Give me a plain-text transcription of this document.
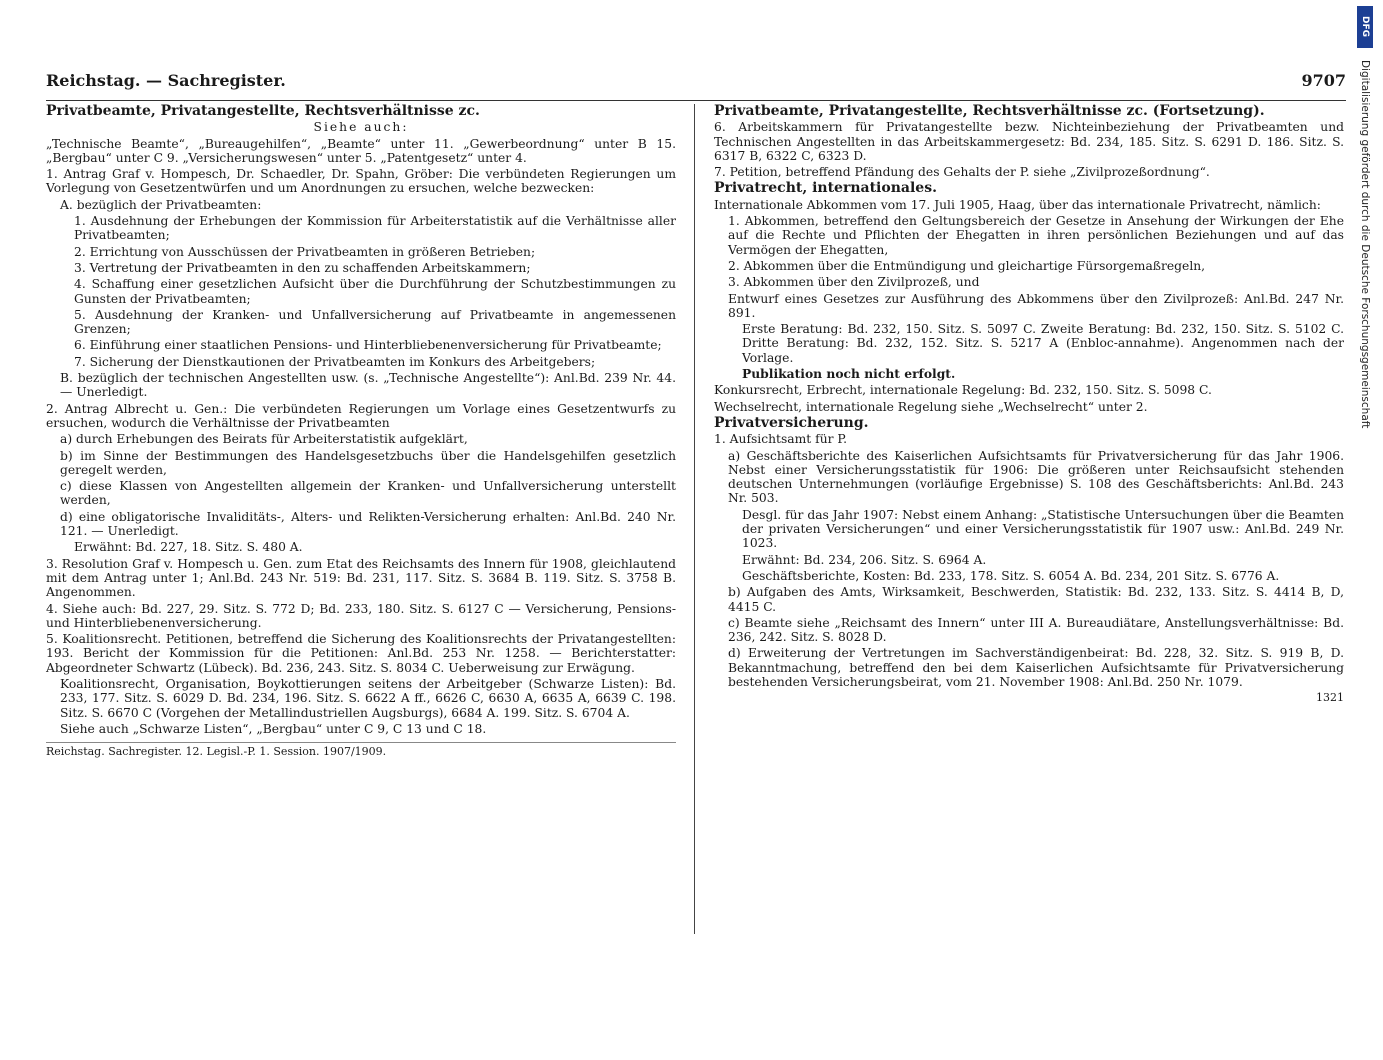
Reichstag. — Sachregister.	9707
Privatbeamte, Privatangestellte, Rechtsverhältnisse zc.
Siehe auch:

„Technische Beamte“, „Bureaugehilfen“, „Beamte“ unter 11. „Gewerbeordnung“ unter B 15. „Bergbau“ unter C 9. „Versicherungswesen“ unter 5. „Patentgesetz“ unter 4.

1. Antrag Graf v. Hompesch, Dr. Schaedler, Dr. Spahn, Gröber: Die verbündeten Regierungen um Vorlegung von Gesetzentwürfen und um Anordnungen zu ersuchen, welche bezwecken:

A. bezüglich der Privatbeamten:

1. Ausdehnung der Erhebungen der Kommission für Arbeiterstatistik auf die Verhältnisse aller Privatbeamten;

2. Errichtung von Ausschüssen der Privatbeamten in größeren Betrieben;

3. Vertretung der Privatbeamten in den zu schaffenden Arbeitskammern;

4. Schaffung einer gesetzlichen Aufsicht über die Durchführung der Schutzbestimmungen zu Gunsten der Privatbeamten;

5. Ausdehnung der Kranken- und Unfallversicherung auf Privatbeamte in angemessenen Grenzen;

6. Einführung einer staatlichen Pensions- und Hinterbliebenenversicherung für Privatbeamte;

7. Sicherung der Dienstkautionen der Privatbeamten im Konkurs des Arbeitgebers;

B. bezüglich der technischen Angestellten usw. (s. „Technische Angestellte“): Anl.Bd. 239 Nr. 44. — Unerledigt.

2. Antrag Albrecht u. Gen.: Die verbündeten Regierungen um Vorlage eines Gesetzentwurfs zu ersuchen, wodurch die Verhältnisse der Privatbeamten

a) durch Erhebungen des Beirats für Arbeiterstatistik aufgeklärt,

b) im Sinne der Bestimmungen des Handelsgesetzbuchs über die Handelsgehilfen gesetzlich geregelt werden,

c) diese Klassen von Angestellten allgemein der Kranken- und Unfallversicherung unterstellt werden,

d) eine obligatorische Invaliditäts-, Alters- und Relikten-Versicherung erhalten: Anl.Bd. 240 Nr. 121. — Unerledigt.

Erwähnt: Bd. 227, 18. Sitz. S. 480 A.

3. Resolution Graf v. Hompesch u. Gen. zum Etat des Reichsamts des Innern für 1908, gleichlautend mit dem Antrag unter 1; Anl.Bd. 243 Nr. 519: Bd. 231, 117. Sitz. S. 3684 B. 119. Sitz. S. 3758 B. Angenommen.

4. Siehe auch: Bd. 227, 29. Sitz. S. 772 D; Bd. 233, 180. Sitz. S. 6127 C — Versicherung, Pensions- und Hinterbliebenenversicherung.

5. Koalitionsrecht. Petitionen, betreffend die Sicherung des Koalitionsrechts der Privatangestellten: 193. Bericht der Kommission für die Petitionen: Anl.Bd. 253 Nr. 1258. — Berichterstatter: Abgeordneter Schwartz (Lübeck). Bd. 236, 243. Sitz. S. 8034 C. Ueberweisung zur Erwägung.

Koalitionsrecht, Organisation, Boykottierungen seitens der Arbeitgeber (Schwarze Listen): Bd. 233, 177. Sitz. S. 6029 D. Bd. 234, 196. Sitz. S. 6622 A ff., 6626 C, 6630 A, 6635 A, 6639 C. 198. Sitz. S. 6670 C (Vorgehen der Metallindustriellen Augsburgs), 6684 A. 199. Sitz. S. 6704 A.

Siehe auch „Schwarze Listen“, „Bergbau“ unter C 9, C 13 und C 18.

Reichstag. Sachregister. 12. Legisl.-P. 1. Session. 1907/1909.
Privatbeamte, Privatangestellte, Rechtsverhältnisse zc. (Fortsetzung).

6. Arbeitskammern für Privatangestellte bezw. Nichteinbeziehung der Privatbeamten und Technischen Angestellten in das Arbeitskammergesetz: Bd. 234, 185. Sitz. S. 6291 D. 186. Sitz. S. 6317 B, 6322 C, 6323 D.

7. Petition, betreffend Pfändung des Gehalts der P. siehe „Zivilprozeßordnung“.

Privatrecht, internationales.

Internationale Abkommen vom 17. Juli 1905, Haag, über das internationale Privatrecht, nämlich:

1. Abkommen, betreffend den Geltungsbereich der Gesetze in Ansehung der Wirkungen der Ehe auf die Rechte und Pflichten der Ehegatten in ihren persönlichen Beziehungen und auf das Vermögen der Ehegatten,

2. Abkommen über die Entmündigung und gleichartige Fürsorgemaßregeln,

3. Abkommen über den Zivilprozeß, und

Entwurf eines Gesetzes zur Ausführung des Abkommens über den Zivilprozeß: Anl.Bd. 247 Nr. 891.

Erste Beratung: Bd. 232, 150. Sitz. S. 5097 C. Zweite Beratung: Bd. 232, 150. Sitz. S. 5102 C. Dritte Beratung: Bd. 232, 152. Sitz. S. 5217 A (Enbloc-annahme). Angenommen nach der Vorlage.

Publikation noch nicht erfolgt.

Konkursrecht, Erbrecht, internationale Regelung: Bd. 232, 150. Sitz. S. 5098 C.

Wechselrecht, internationale Regelung siehe „Wechselrecht“ unter 2.

Privatversicherung.

1. Aufsichtsamt für P.

a) Geschäftsberichte des Kaiserlichen Aufsichtsamts für Privatversicherung für das Jahr 1906. Nebst einer Versicherungsstatistik für 1906: Die größeren unter Reichsaufsicht stehenden deutschen Unternehmungen (vorläufige Ergebnisse) S. 108 des Geschäftsberichts: Anl.Bd. 243 Nr. 503.

Desgl. für das Jahr 1907: Nebst einem Anhang: „Statistische Untersuchungen über die Beamten der privaten Versicherungen“ und einer Versicherungsstatistik für 1907 usw.: Anl.Bd. 249 Nr. 1023.

Erwähnt: Bd. 234, 206. Sitz. S. 6964 A.

Geschäftsberichte, Kosten: Bd. 233, 178. Sitz. S. 6054 A. Bd. 234, 201 Sitz. S. 6776 A.

b) Aufgaben des Amts, Wirksamkeit, Beschwerden, Statistik: Bd. 232, 133. Sitz. S. 4414 B, D, 4415 C.

c) Beamte siehe „Reichsamt des Innern“ unter III A. Bureaudiätare, Anstellungsverhältnisse: Bd. 236, 242. Sitz. S. 8028 D.

d) Erweiterung der Vertretungen im Sachverständigenbeirat: Bd. 228, 32. Sitz. S. 919 B, D. Bekanntmachung, betreffend den bei dem Kaiserlichen Aufsichtsamte für Privatversicherung bestehenden Versicherungsbeirat, vom 21. November 1908: Anl.Bd. 250 Nr. 1079.

1321
Digitalisierung gefördert durch die Deutsche Forschungsgemeinschaft
DFG
